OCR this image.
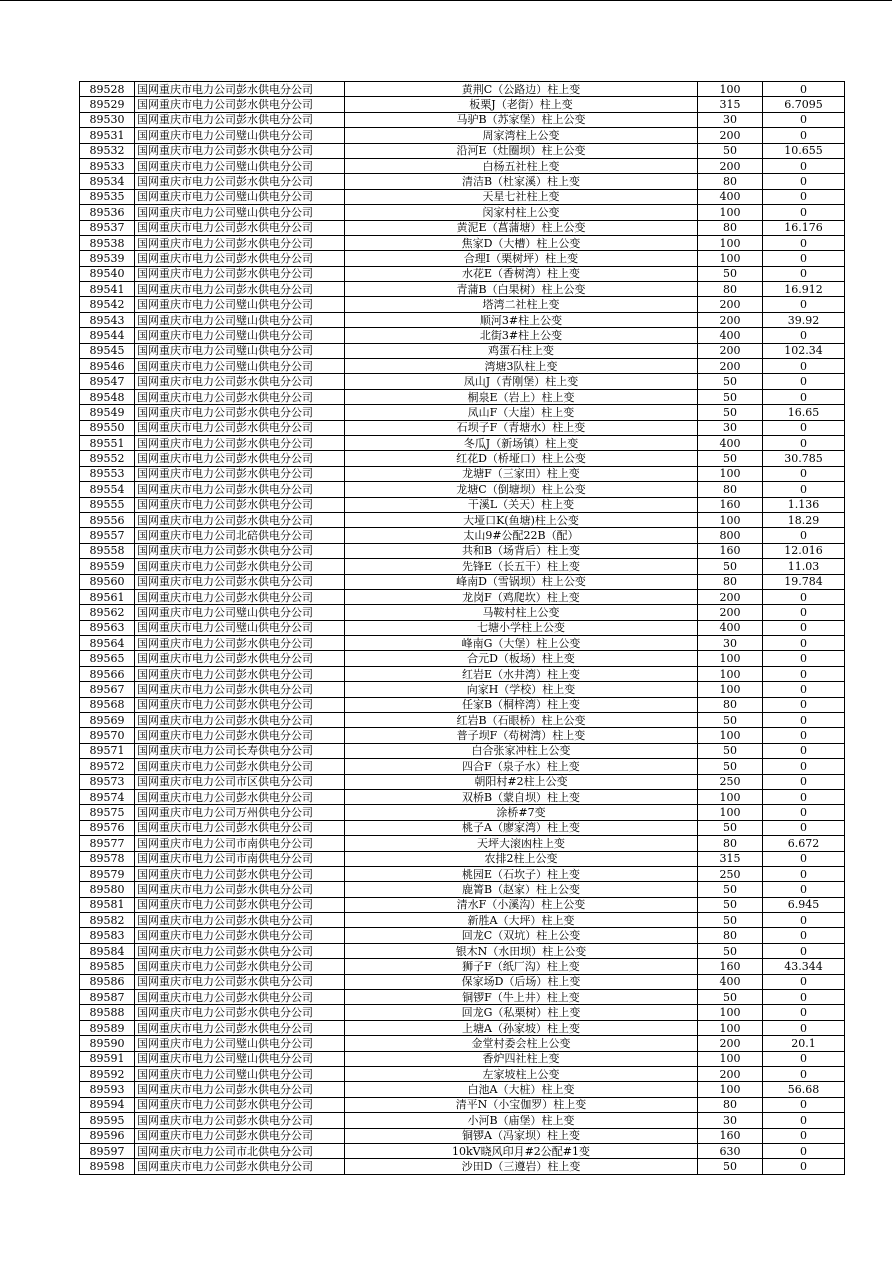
89528	国网重庆市电力公司彭水供电分公司	黄荆C（公路边）柱上变	100	0
89529	国网重庆市电力公司彭水供电分公司	板栗J（老街）柱上变	315	6.7095
89530	国网重庆市电力公司彭水供电分公司	马驴B（苏家堡）柱上公变	30	0
89531	国网重庆市电力公司璧山供电分公司	周家湾柱上公变	200	0
89532	国网重庆市电力公司彭水供电分公司	沿河E（灶圈坝）柱上公变	50	10.655
89533	国网重庆市电力公司璧山供电分公司	白杨五社柱上变	200	0
89534	国网重庆市电力公司彭水供电分公司	清洁B（杜家溪）柱上变	80	0
89535	国网重庆市电力公司璧山供电分公司	天星七社柱上变	400	0
89536	国网重庆市电力公司璧山供电分公司	闵家村柱上公变	100	0
89537	国网重庆市电力公司彭水供电分公司	黄泥E（菖蒲塘）柱上公变	80	16.176
89538	国网重庆市电力公司彭水供电分公司	焦家D（大槽）柱上公变	100	0
89539	国网重庆市电力公司彭水供电分公司	合理I（栗树坪）柱上变	100	0
89540	国网重庆市电力公司彭水供电分公司	水花E（香树湾）柱上变	50	0
89541	国网重庆市电力公司彭水供电分公司	青蒲B（白果树）柱上公变	80	16.912
89542	国网重庆市电力公司璧山供电分公司	塔湾二社柱上变	200	0
89543	国网重庆市电力公司璧山供电分公司	顺河3#柱上公变	200	39.92
89544	国网重庆市电力公司璧山供电分公司	北街3#柱上公变	400	0
89545	国网重庆市电力公司璧山供电分公司	鸡蛋石柱上变	200	102.34
89546	国网重庆市电力公司璧山供电分公司	湾塘3队柱上变	200	0
89547	国网重庆市电力公司彭水供电分公司	凤山J（青刚堡）柱上变	50	0
89548	国网重庆市电力公司彭水供电分公司	桐泉E（岩上）柱上变	50	0
89549	国网重庆市电力公司彭水供电分公司	凤山F（大崖）柱上变	50	16.65
89550	国网重庆市电力公司彭水供电分公司	石坝子F（青塘水）柱上变	30	0
89551	国网重庆市电力公司彭水供电分公司	冬瓜J（新场镇）柱上变	400	0
89552	国网重庆市电力公司彭水供电分公司	红花D（桥垭口）柱上公变	50	30.785
89553	国网重庆市电力公司彭水供电分公司	龙塘F（三家田）柱上变	100	0
89554	国网重庆市电力公司彭水供电分公司	龙塘C（倒塘坝）柱上公变	80	0
89555	国网重庆市电力公司彭水供电分公司	干溪L（关天）柱上变	160	1.136
89556	国网重庆市电力公司彭水供电分公司	大垭口K(鱼塘)柱上公变	100	18.29
89557	国网重庆市电力公司北碚供电分公司	太山9#公配22B（配）	800	0
89558	国网重庆市电力公司彭水供电分公司	共和B（场背后）柱上变	160	12.016
89559	国网重庆市电力公司彭水供电分公司	先锋E（长五干）柱上变	50	11.03
89560	国网重庆市电力公司彭水供电分公司	峰南D（雪锅坝）柱上公变	80	19.784
89561	国网重庆市电力公司彭水供电分公司	龙岗F（鸡爬坎）柱上变	200	0
89562	国网重庆市电力公司璧山供电分公司	马鞍村柱上公变	200	0
89563	国网重庆市电力公司璧山供电分公司	七塘小学柱上公变	400	0
89564	国网重庆市电力公司彭水供电分公司	峰南G（大堡）柱上公变	30	0
89565	国网重庆市电力公司彭水供电分公司	合元D（板场）柱上变	100	0
89566	国网重庆市电力公司彭水供电分公司	红岩E（水井湾）柱上变	100	0
89567	国网重庆市电力公司彭水供电分公司	向家H（学校）柱上变	100	0
89568	国网重庆市电力公司彭水供电分公司	任家B（桐梓湾）柱上变	80	0
89569	国网重庆市电力公司彭水供电分公司	红岩B（石眼桥）柱上公变	50	0
89570	国网重庆市电力公司彭水供电分公司	普子坝F（苟树湾）柱上变	100	0
89571	国网重庆市电力公司长寿供电分公司	白合张家冲柱上公变	50	0
89572	国网重庆市电力公司彭水供电分公司	四合F（泉子水）柱上变	50	0
89573	国网重庆市电力公司市区供电分公司	朝阳村#2柱上公变	250	0
89574	国网重庆市电力公司彭水供电分公司	双桥B（蒙自坝）柱上变	100	0
89575	国网重庆市电力公司万州供电分公司	涂桥#7变	100	0
89576	国网重庆市电力公司彭水供电分公司	桃子A（廖家湾）柱上变	50	0
89577	国网重庆市电力公司市南供电分公司	天坪大滚凼柱上变	80	6.672
89578	国网重庆市电力公司市南供电分公司	农排2柱上公变	315	0
89579	国网重庆市电力公司彭水供电分公司	桃园E（石坎子）柱上变	250	0
89580	国网重庆市电力公司彭水供电分公司	鹿箐B（赵家）柱上公变	50	0
89581	国网重庆市电力公司彭水供电分公司	清水F（小溪沟）柱上公变	50	6.945
89582	国网重庆市电力公司彭水供电分公司	新胜A（大坪）柱上变	50	0
89583	国网重庆市电力公司彭水供电分公司	回龙C（双坑）柱上公变	80	0
89584	国网重庆市电力公司彭水供电分公司	银木N（水田坝）柱上公变	50	0
89585	国网重庆市电力公司彭水供电分公司	狮子F（纸厂沟）柱上变	160	43.344
89586	国网重庆市电力公司彭水供电分公司	保家场D（后场）柱上变	400	0
89587	国网重庆市电力公司彭水供电分公司	铜锣F（牛上井）柱上变	50	0
89588	国网重庆市电力公司彭水供电分公司	回龙G（私栗树）柱上变	100	0
89589	国网重庆市电力公司彭水供电分公司	上塘A（孙家坡）柱上变	100	0
89590	国网重庆市电力公司璧山供电分公司	金堂村委会柱上公变	200	20.1
89591	国网重庆市电力公司璧山供电分公司	香炉四社柱上变	100	0
89592	国网重庆市电力公司璧山供电分公司	左家坡柱上公变	200	0
89593	国网重庆市电力公司彭水供电分公司	白池A（大桩）柱上变	100	56.68
89594	国网重庆市电力公司彭水供电分公司	清平N（小宝伽罗）柱上变	80	0
89595	国网重庆市电力公司彭水供电分公司	小河B（庙堡）柱上变	30	0
89596	国网重庆市电力公司彭水供电分公司	铜锣A（冯家坝）柱上变	160	0
89597	国网重庆市电力公司市北供电分公司	10kV晓风印月#2公配#1变	630	0
89598	国网重庆市电力公司彭水供电分公司	沙田D（三遵岩）柱上变	50	0
